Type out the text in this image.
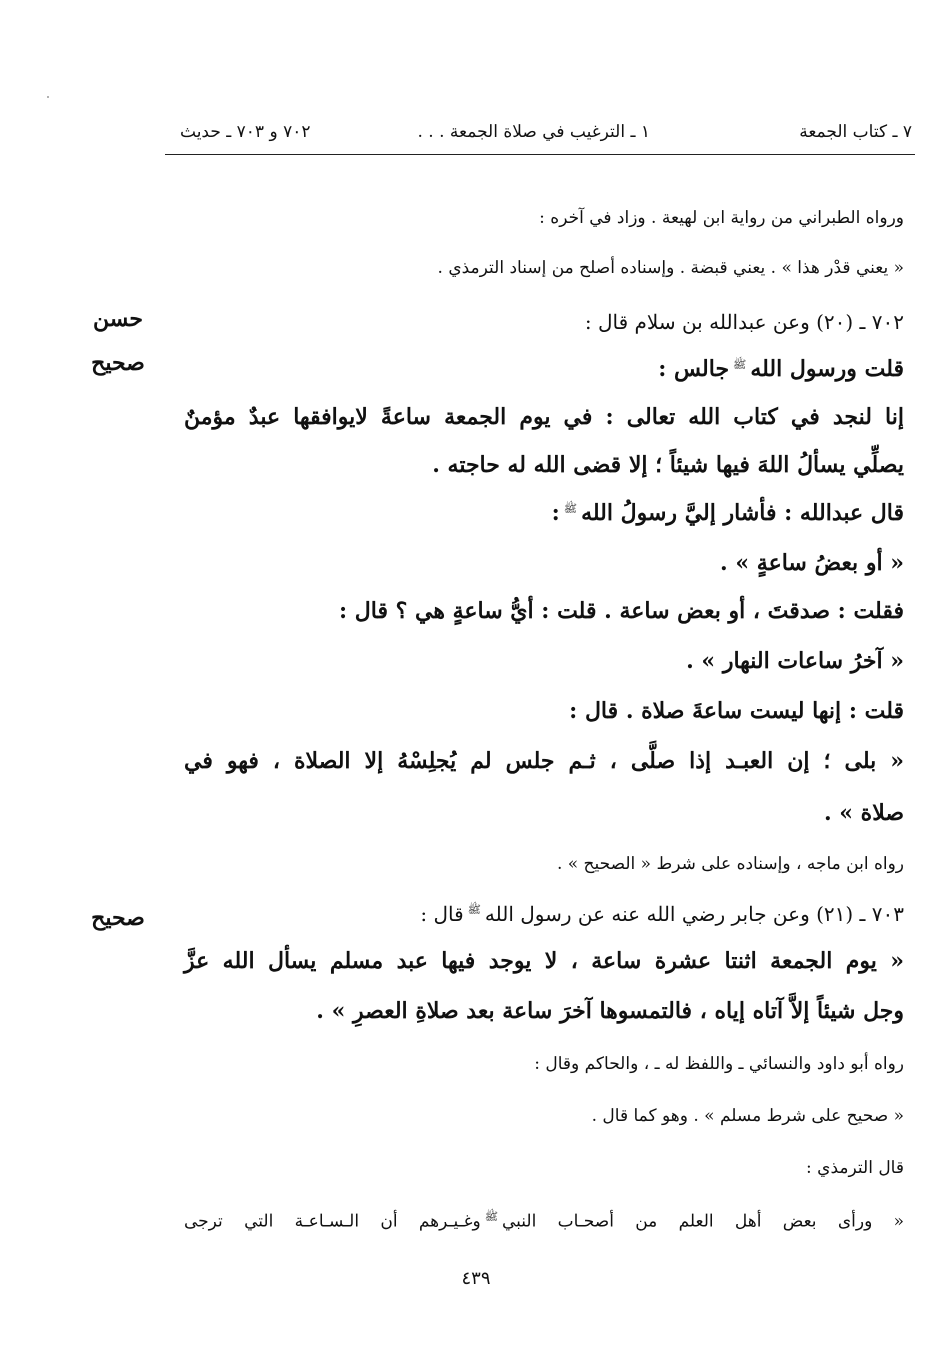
٧ ـ كتاب الجمعة
١ ـ الترغيب في صلاة الجمعة . . .
٧٠٢ و ٧٠٣ ـ حديث
حسن
صحيح
صحيح
ورواه الطبراني من رواية ابن لهيعة . وزاد في آخره :
« يعني قدْر هذا » . يعني قبضة . وإسناده أصلح من إسناد الترمذي .
٧٠٢ ـ (٢٠) وعن عبدالله بن سلام قال :
قلت ورسول اللهﷺجالس :
إنا لنجد في كتاب الله تعالى : في يوم الجمعة ساعةً لايوافقها عبدٌ مؤمنٌ
يصلِّي يسألُ اللهَ فيها شيئاً ؛ إلا قضى الله له حاجته .
قال عبدالله : فأشار إليَّ رسولُ اللهﷺ:
« أو بعضُ ساعةٍ » .
فقلت : صدقتَ ، أو بعض ساعة . قلت : أيُّ ساعةٍ هي ؟ قال :
« آخرُ ساعات النهار » .
قلت : إنها ليست ساعةَ صلاة . قال :
« بلى ؛ إن العبـد إذا صلَّى ، ثـم جلس لم يُجلِسْهُ إلا الصلاة ، فهو في
صلاة » .
رواه ابن ماجه ، وإسناده على شرط « الصحيح » .
٧٠٣ ـ (٢١) وعن جابر رضي الله عنه عن رسول اللهﷺقال :
« يوم الجمعة اثنتا عشرة ساعة ، لا يوجد فيها عبد مسلم يسأل الله عزَّ
وجل شيئاً إلاَّ آتاه إياه ، فالتمسوها آخرَ ساعة بعد صلاةِ العصرِ » .
رواه أبو داود والنسائي ـ واللفظ له ـ ، والحاكم وقال :
« صحيح على شرط مسلم » . وهو كما قال .
قال الترمذي :
« ورأى بعض أهل العلم من أصحـاب النبيﷺوغـيـرهم أن الـسـاعـة التي ترجى
٤٣٩
